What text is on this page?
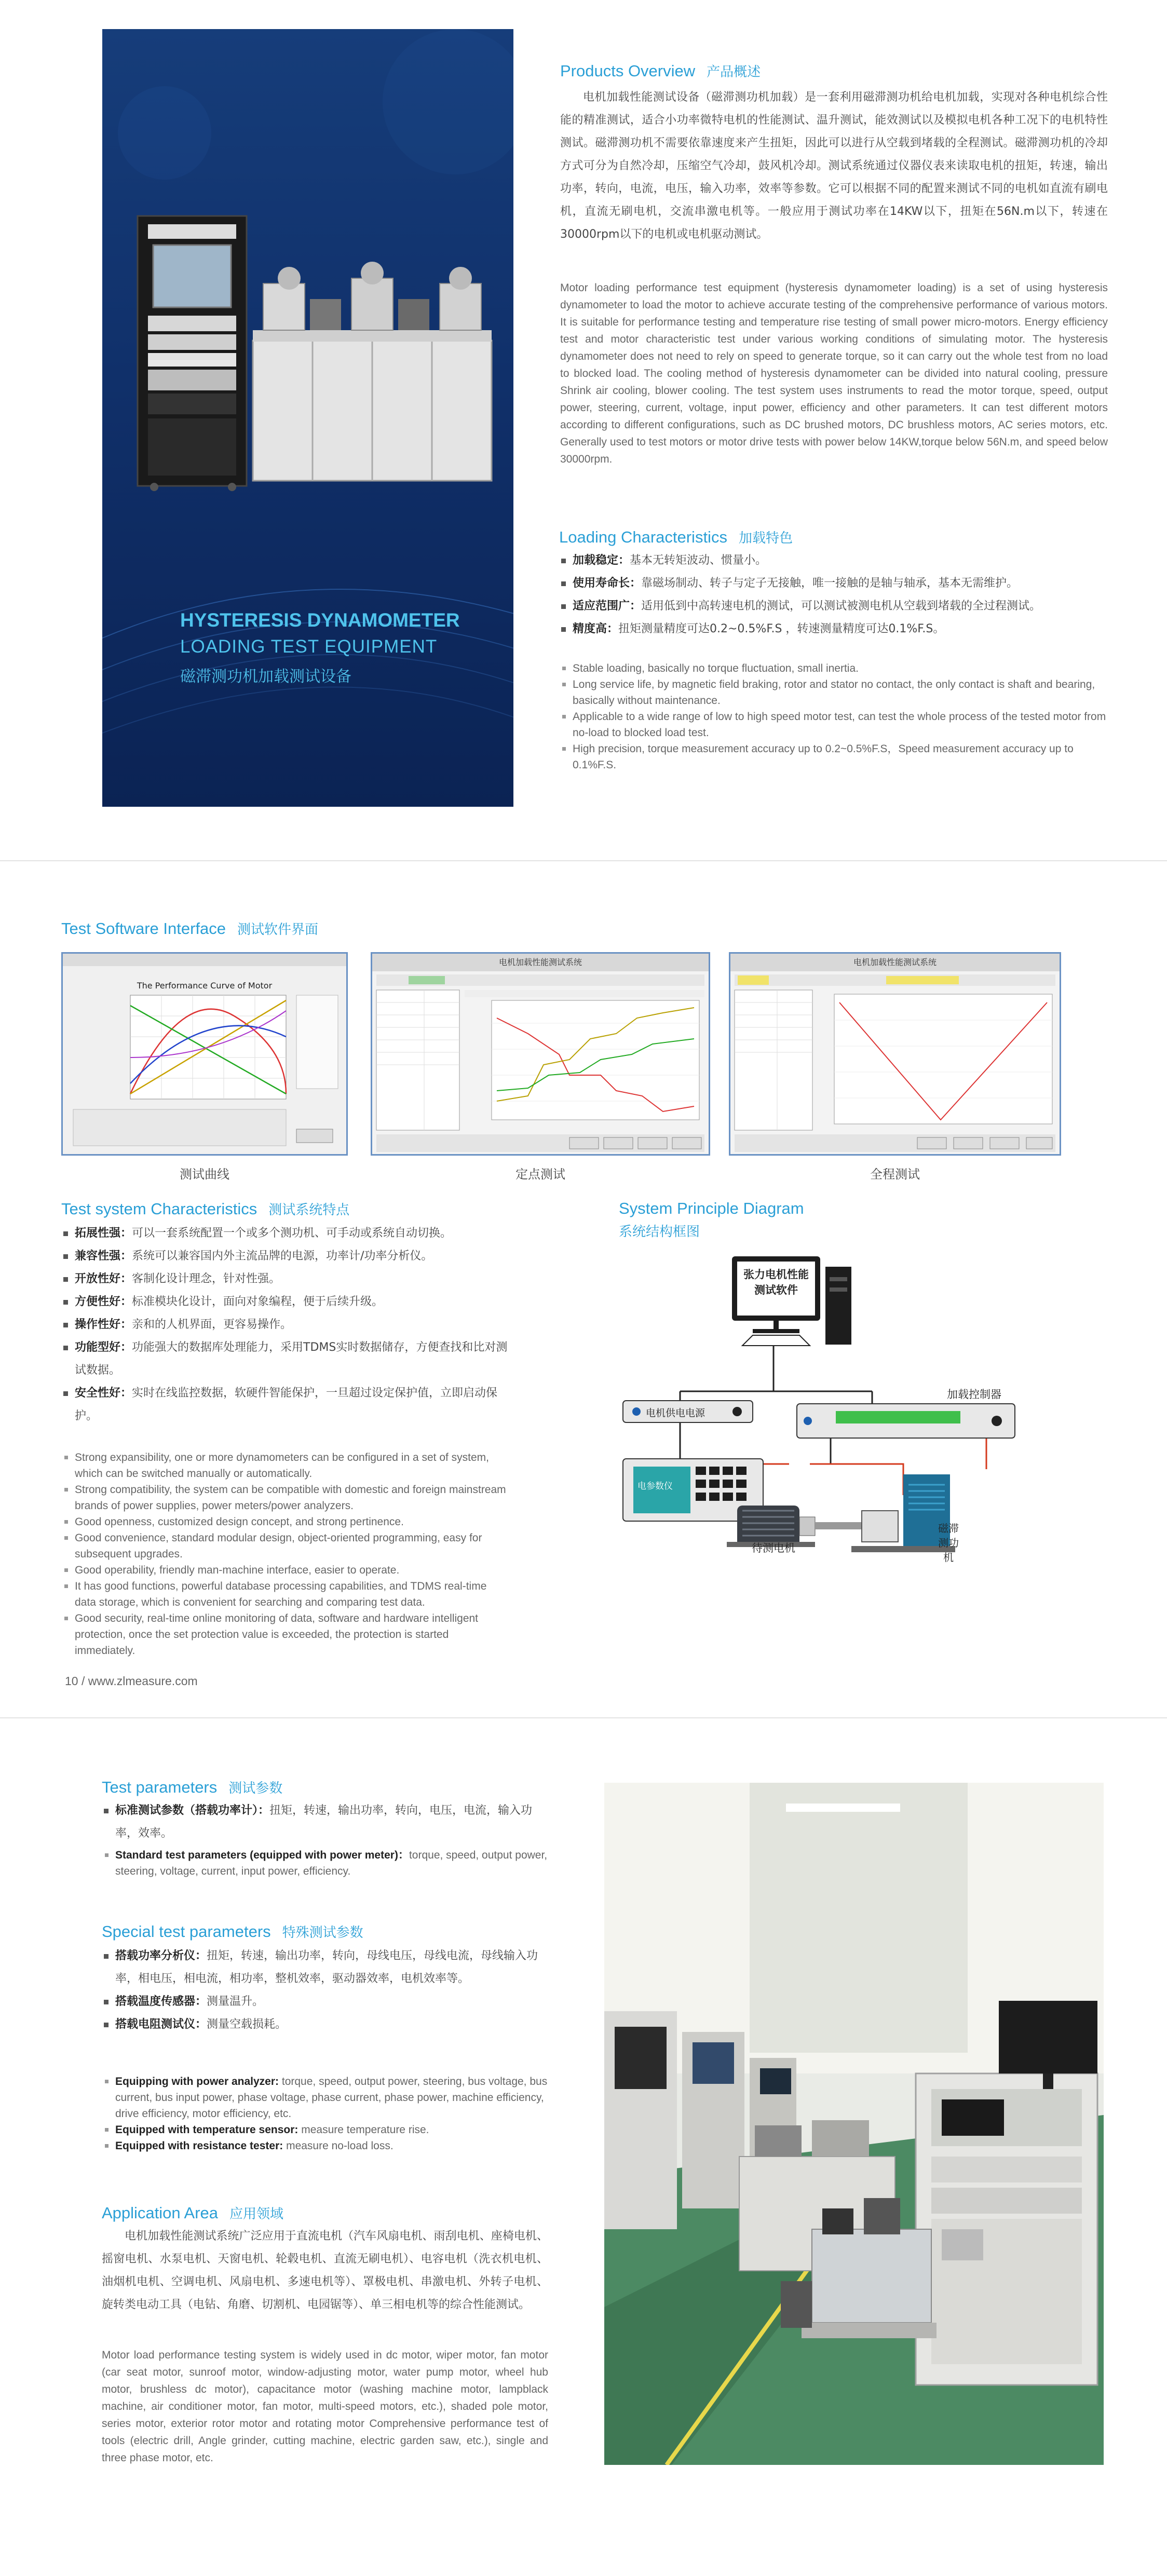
HYSTERESIS DYNAMOMETER
LOADING TEST EQUIPMENT
磁滞测功机加载测试设备
Products Overview 产品概述
电机加载性能测试设备（磁滞测功机加载）是一套利用磁滞测功机给电机加载，实现对各种电机综合性能的精准测试，适合小功率微特电机的性能测试、温升测试，能效测试以及模拟电机各种工况下的电机特性测试。磁滞测功机不需要依靠速度来产生扭矩，因此可以进行从空载到堵载的全程测试。磁滞测功机的冷却方式可分为自然冷却，压缩空气冷却，鼓风机冷却。测试系统通过仪器仪表来读取电机的扭矩，转速，输出功率，转向，电流，电压，输入功率，效率等参数。它可以根据不同的配置来测试不同的电机如直流有刷电机，直流无刷电机，交流串激电机等。一般应用于测试功率在14KW以下，扭矩在56N.m以下，转速在30000rpm以下的电机或电机驱动测试。
Motor loading performance test equipment (hysteresis dynamometer loading) is a set of using hysteresis dynamometer to load the motor to achieve accurate testing of the comprehensive performance of various motors. It is suitable for performance testing and temperature rise testing of small power micro-motors. Energy efficiency test and motor characteristic test under various working conditions of simulating motor. The hysteresis dynamometer does not need to rely on speed to generate torque, so it can carry out the whole test from no load to blocked load. The cooling method of hysteresis dynamometer can be divided into natural cooling, pressure Shrink air cooling, blower cooling. The test system uses instruments to read the motor torque, speed, output power, steering, current, voltage, input power, efficiency and other parameters. It can test different motors according to different configurations, such as DC brushed motors, DC brushless motors, AC series motors, etc. Generally used to test motors or motor drive tests with power below 14KW,torque below 56N.m, and speed below 30000rpm.
Loading Characteristics 加载特色
加载稳定：基本无转矩波动、惯量小。
使用寿命长：靠磁场制动、转子与定子无接触，唯一接触的是轴与轴承，基本无需维护。
适应范围广：适用低到中高转速电机的测试，可以测试被测电机从空载到堵载的全过程测试。
精度高：扭矩测量精度可达0.2~0.5%F.S ，转速测量精度可达0.1%F.S。
Stable loading, basically no torque fluctuation, small inertia.
Long service life, by magnetic field braking, rotor and stator no contact, the only contact is shaft and bearing, basically without maintenance.
Applicable to a wide range of low to high speed motor test, can test the whole process of the tested motor from no-load to blocked load test.
High precision, torque measurement accuracy up to 0.2~0.5%F.S，Speed measurement accuracy up to 0.1%F.S.
Test Software Interface 测试软件界面
The Performance Curve of Motor
测试曲线
电机加载性能测试系统
定点测试
电机加载性能测试系统
全程测试
Test system Characteristics 测试系统特点
拓展性强：可以一套系统配置一个或多个测功机、可手动或系统自动切换。
兼容性强：系统可以兼容国内外主流品牌的电源，功率计/功率分析仪。
开放性好：客制化设计理念，针对性强。
方便性好：标准模块化设计，面向对象编程，便于后续升级。
操作性好：亲和的人机界面，更容易操作。
功能型好：功能强大的数据库处理能力，采用TDMS实时数据储存，方便查找和比对测试数据。
安全性好：实时在线监控数据，软硬件智能保护，一旦超过设定保护值，立即启动保护。
Strong expansibility, one or more dynamometers can be configured in a set of system, which can be switched manually or automatically.
Strong compatibility, the system can be compatible with domestic and foreign mainstream brands of power supplies, power meters/power analyzers.
Good openness, customized design concept, and strong pertinence.
Good convenience, standard modular design, object-oriented programming, easy for subsequent upgrades.
Good operability, friendly man-machine interface, easier to operate.
It has good functions, powerful database processing capabilities, and TDMS real-time data storage, which is convenient for searching and comparing test data.
Good security, real-time online monitoring of data, software and hardware intelligent protection, once the set protection value is exceeded, the protection is started immediately.
System Principle Diagram
系统结构框图
张力电机性能测试软件
电机供电电源
加载控制器
电参数仪
待测电机
磁滞测功机
10 / www.zlmeasure.com
Test parameters 测试参数
标准测试参数（搭载功率计）：扭矩，转速，输出功率，转向，电压，电流，输入功率，效率。
Standard test parameters (equipped with power meter)：torque, speed, output power, steering, voltage, current, input power, efficiency.
Special test parameters 特殊测试参数
搭载功率分析仪：扭矩，转速，输出功率，转向，母线电压，母线电流，母线输入功率，相电压，相电流，相功率，整机效率，驱动器效率，电机效率等。
搭载温度传感器：测量温升。
搭载电阻测试仪：测量空载损耗。
Equipping with power analyzer: torque, speed, output power, steering, bus voltage, bus current, bus input power, phase voltage, phase current, phase power, machine efficiency, drive efficiency, motor efficiency, etc.
Equipped with temperature sensor: measure temperature rise.
Equipped with resistance tester: measure no-load loss.
Application Area 应用领域
电机加载性能测试系统广泛应用于直流电机（汽车风扇电机、雨刮电机、座椅电机、摇窗电机、水泵电机、天窗电机、轮毂电机、直流无刷电机）、电容电机（洗衣机电机、油烟机电机、空调电机、风扇电机、多速电机等）、罩极电机、串激电机、外转子电机、旋转类电动工具（电钻、角磨、切割机、电园锯等）、单三相电机等的综合性能测试。
Motor load performance testing system is widely used in dc motor, wiper motor, fan motor (car seat motor, sunroof motor, window-adjusting motor, water pump motor, wheel hub motor, brushless dc motor), capacitance motor (washing machine motor, lampblack machine, air conditioner motor, fan motor, multi-speed motors, etc.), shaded pole motor, series motor, exterior rotor motor and rotating motor Comprehensive performance test of tools (electric drill, Angle grinder, cutting machine, electric garden saw, etc.), single and three phase motor, etc.
